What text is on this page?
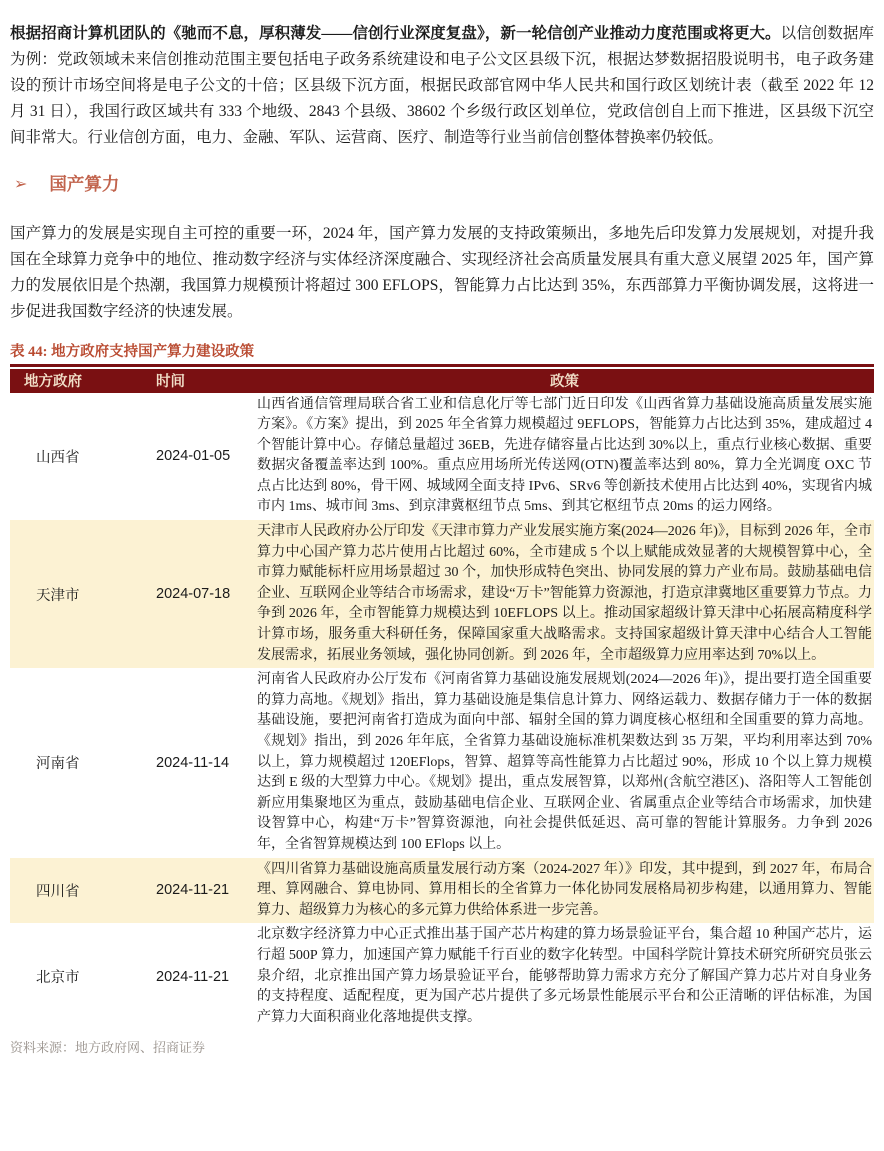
根据招商计算机团队的《驰而不息，厚积薄发——信创行业深度复盘》，新一轮信创产业推动力度范围或将更大。以信创数据库为例：党政领域未来信创推动范围主要包括电子政务系统建设和电子公文区县级下沉，根据达梦数据招股说明书，电子政务建设的预计市场空间将是电子公文的十倍；区县级下沉方面，根据民政部官网中华人民共和国行政区划统计表（截至 2022 年 12 月 31 日），我国行政区域共有 333 个地级、2843 个县级、38602 个乡级行政区划单位，党政信创自上而下推进，区县级下沉空间非常大。行业信创方面，电力、金融、军队、运营商、医疗、制造等行业当前信创整体替换率仍较低。

➢ 国产算力

国产算力的发展是实现自主可控的重要一环，2024 年，国产算力发展的支持政策频出，多地先后印发算力发展规划，对提升我国在全球算力竞争中的地位、推动数字经济与实体经济深度融合、实现经济社会高质量发展具有重大意义展望 2025 年，国产算力的发展依旧是个热潮，我国算力规模预计将超过 300 EFLOPS，智能算力占比达到 35%，东西部算力平衡协调发展，这将进一步促进我国数字经济的快速发展。

表 44: 地方政府支持国产算力建设政策
地方政府	时间	政策
山西省	2024-01-05	山西省通信管理局联合省工业和信息化厅等七部门近日印发《山西省算力基础设施高质量发展实施方案》。《方案》提出，到 2025 年全省算力规模超过 9EFLOPS，智能算力占比达到 35%，建成超过 4 个智能计算中心。存储总量超过 36EB，先进存储容量占比达到 30%以上，重点行业核心数据、重要数据灾备覆盖率达到 100%。重点应用场所光传送网(OTN)覆盖率达到 80%，算力全光调度 OXC 节点占比达到 80%，骨干网、城域网全面支持 IPv6、SRv6 等创新技术使用占比达到 40%，实现省内城市内 1ms、城市间 3ms、到京津冀枢纽节点 5ms、到其它枢纽节点 20ms 的运力网络。
天津市	2024-07-18	天津市人民政府办公厅印发《天津市算力产业发展实施方案(2024—2026 年)》，目标到 2026 年，全市算力中心国产算力芯片使用占比超过 60%，全市建成 5 个以上赋能成效显著的大规模智算中心，全市算力赋能标杆应用场景超过 30 个，加快形成特色突出、协同发展的算力产业布局。鼓励基础电信企业、互联网企业等结合市场需求，建设“万卡”智能算力资源池，打造京津冀地区重要算力节点。力争到 2026 年，全市智能算力规模达到 10EFLOPS 以上。推动国家超级计算天津中心拓展高精度科学计算市场，服务重大科研任务，保障国家重大战略需求。支持国家超级计算天津中心结合人工智能发展需求，拓展业务领域，强化协同创新。到 2026 年，全市超级算力应用率达到 70%以上。
河南省	2024-11-14	河南省人民政府办公厅发布《河南省算力基础设施发展规划(2024—2026 年)》，提出要打造全国重要的算力高地。《规划》指出，算力基础设施是集信息计算力、网络运载力、数据存储力于一体的数据基础设施，要把河南省打造成为面向中部、辐射全国的算力调度核心枢纽和全国重要的算力高地。《规划》指出，到 2026 年年底，全省算力基础设施标准机架数达到 35 万架，平均利用率达到 70%以上，算力规模超过 120EFlops，智算、超算等高性能算力占比超过 90%，形成 10 个以上算力规模达到 E 级的大型算力中心。《规划》提出，重点发展智算，以郑州(含航空港区)、洛阳等人工智能创新应用集聚地区为重点，鼓励基础电信企业、互联网企业、省属重点企业等结合市场需求，加快建设智算中心，构建“万卡”智算资源池，向社会提供低延迟、高可靠的智能计算服务。力争到 2026 年，全省智算规模达到 100 EFlops 以上。
四川省	2024-11-21	《四川省算力基础设施高质量发展行动方案（2024-2027 年）》印发，其中提到，到 2027 年，布局合理、算网融合、算电协同、算用相长的全省算力一体化协同发展格局初步构建，以通用算力、智能算力、超级算力为核心的多元算力供给体系进一步完善。
北京市	2024-11-21	北京数字经济算力中心正式推出基于国产芯片构建的算力场景验证平台，集合超 10 种国产芯片，运行超 500P 算力，加速国产算力赋能千行百业的数字化转型。中国科学院计算技术研究所研究员张云泉介绍，北京推出国产算力场景验证平台，能够帮助算力需求方充分了解国产算力芯片对自身业务的支持程度、适配程度，更为国产芯片提供了多元场景性能展示平台和公正清晰的评估标准，为国产算力大面积商业化落地提供支撑。
资料来源：地方政府网、招商证券
